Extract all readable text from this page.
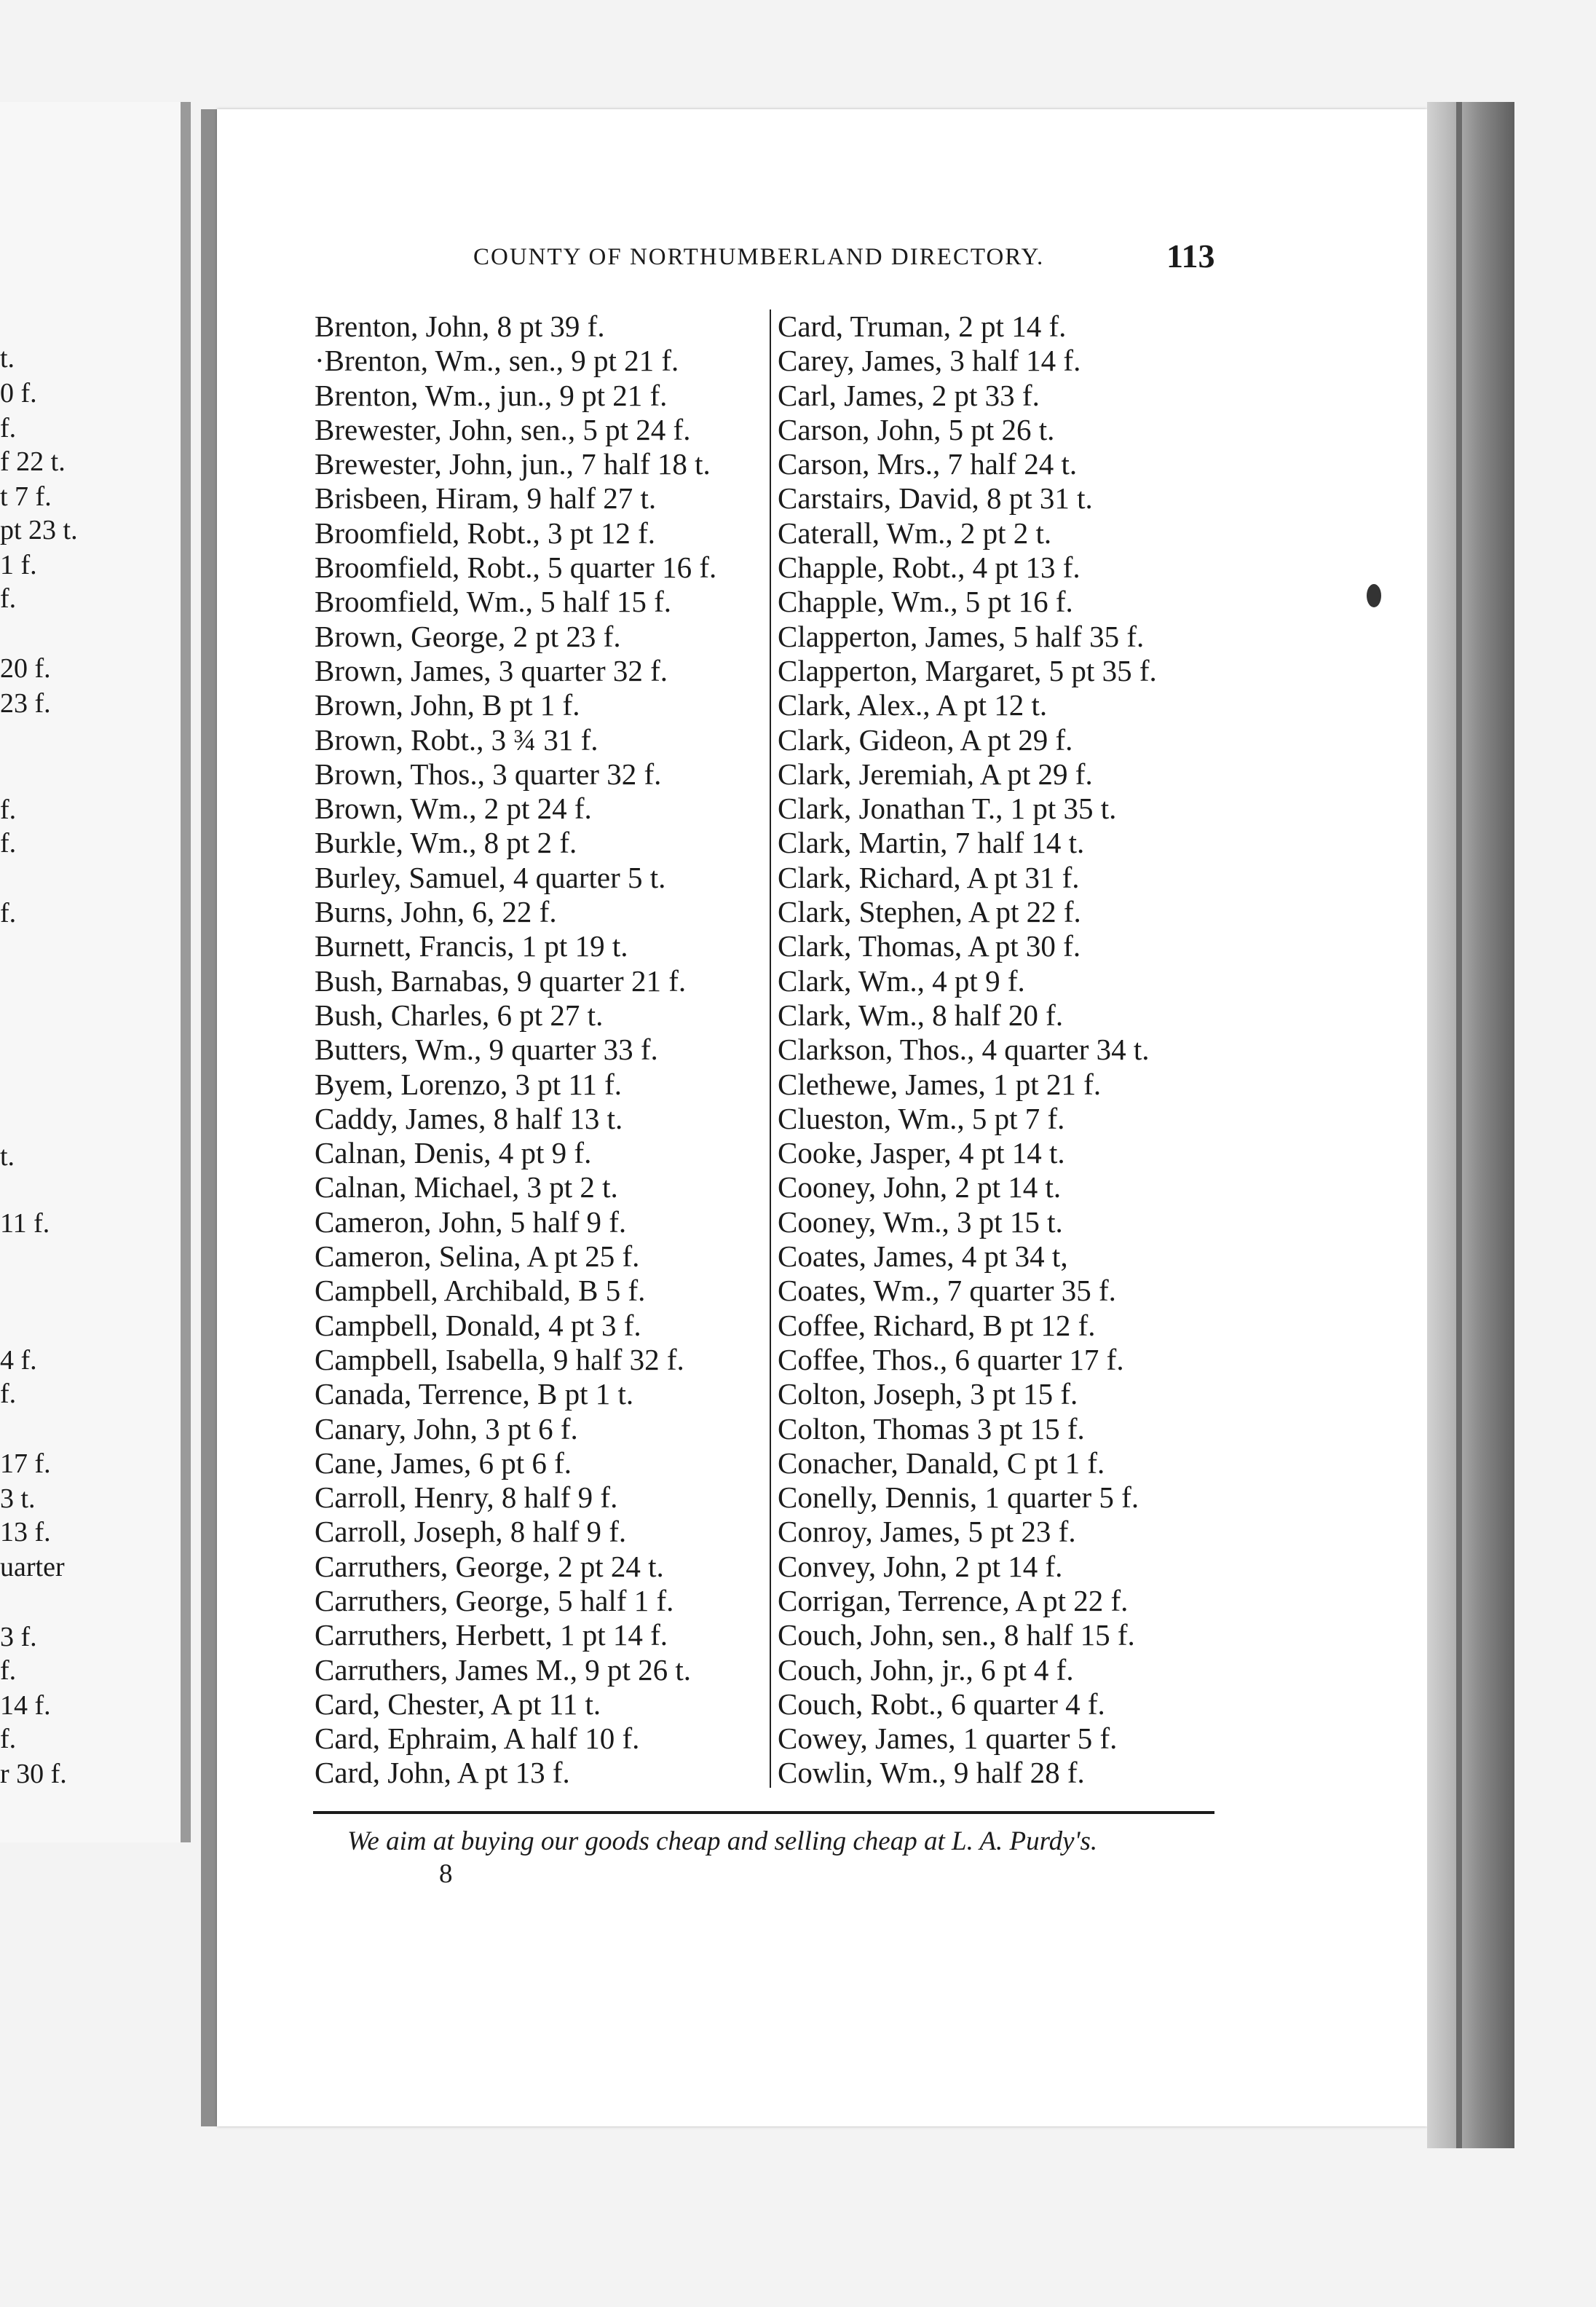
t.
0 f.
f.
f 22 t.
t 7 f.
pt 23 t.
1 f.
f.
20 f.
23 f.
f.
f.
f.
t.
11 f.
4 f.
f.
17 f.
3 t.
13 f.
uarter
3 f.
f.
14 f.
f.
r 30 f.
COUNTY OF NORTHUMBERLAND DIRECTORY.	113
Brenton, John, 8 pt 39 f.
·Brenton, Wm., sen., 9 pt 21 f.
Brenton, Wm., jun., 9 pt 21 f.
Brewester, John, sen., 5 pt 24 f.
Brewester, John, jun., 7 half 18 t.
Brisbeen, Hiram, 9 half 27 t.
Broomfield, Robt., 3 pt 12 f.
Broomfield, Robt., 5 quarter 16 f.
Broomfield, Wm., 5 half 15 f.
Brown, George, 2 pt 23 f.
Brown, James, 3 quarter 32 f.
Brown, John, B pt 1 f.
Brown, Robt., 3 ¾ 31 f.
Brown, Thos., 3 quarter 32 f.
Brown, Wm., 2 pt 24 f.
Burkle, Wm., 8 pt 2 f.
Burley, Samuel, 4 quarter 5 t.
Burns, John, 6, 22 f.
Burnett, Francis, 1 pt 19 t.
Bush, Barnabas, 9 quarter 21 f.
Bush, Charles, 6 pt 27 t.
Butters, Wm., 9 quarter 33 f.
Byem, Lorenzo, 3 pt 11 f.
Caddy, James, 8 half 13 t.
Calnan, Denis, 4 pt 9 f.
Calnan, Michael, 3 pt 2 t.
Cameron, John, 5 half 9 f.
Cameron, Selina, A pt 25 f.
Campbell, Archibald, B 5 f.
Campbell, Donald, 4 pt 3 f.
Campbell, Isabella, 9 half 32 f.
Canada, Terrence, B pt 1 t.
Canary, John, 3 pt 6 f.
Cane, James, 6 pt 6 f.
Carroll, Henry, 8 half 9 f.
Carroll, Joseph, 8 half 9 f.
Carruthers, George, 2 pt 24 t.
Carruthers, George, 5 half 1 f.
Carruthers, Herbett, 1 pt 14 f.
Carruthers, James M., 9 pt 26 t.
Card, Chester, A pt 11 t.
Card, Ephraim, A half 10 f.
Card, John, A pt 13 f.
Card, Truman, 2 pt 14 f.
Carey, James, 3 half 14 f.
Carl, James, 2 pt 33 f.
Carson, John, 5 pt 26 t.
Carson, Mrs., 7 half 24 t.
Carstairs, David, 8 pt 31 t.
Caterall, Wm., 2 pt 2 t.
Chapple, Robt., 4 pt 13 f.
Chapple, Wm., 5 pt 16 f.
Clapperton, James, 5 half 35 f.
Clapperton, Margaret, 5 pt 35 f.
Clark, Alex., A pt 12 t.
Clark, Gideon, A pt 29 f.
Clark, Jeremiah, A pt 29 f.
Clark, Jonathan T., 1 pt 35 t.
Clark, Martin, 7 half 14 t.
Clark, Richard, A pt 31 f.
Clark, Stephen, A pt 22 f.
Clark, Thomas, A pt 30 f.
Clark, Wm., 4 pt 9 f.
Clark, Wm., 8 half 20 f.
Clarkson, Thos., 4 quarter 34 t.
Clethewe, James, 1 pt 21 f.
Clueston, Wm., 5 pt 7 f.
Cooke, Jasper, 4 pt 14 t.
Cooney, John, 2 pt 14 t.
Cooney, Wm., 3 pt 15 t.
Coates, James, 4 pt 34 t,
Coates, Wm., 7 quarter 35 f.
Coffee, Richard, B pt 12 f.
Coffee, Thos., 6 quarter 17 f.
Colton, Joseph, 3 pt 15 f.
Colton, Thomas 3 pt 15 f.
Conacher, Danald, C pt 1 f.
Conelly, Dennis, 1 quarter 5 f.
Conroy, James, 5 pt 23 f.
Convey, John, 2 pt 14 f.
Corrigan, Terrence, A pt 22 f.
Couch, John, sen., 8 half 15 f.
Couch, John, jr., 6 pt 4 f.
Couch, Robt., 6 quarter 4 f.
Cowey, James, 1 quarter 5 f.
Cowlin, Wm., 9 half 28 f.
We aim at buying our goods cheap and selling cheap at L. A. Purdy's.
8
